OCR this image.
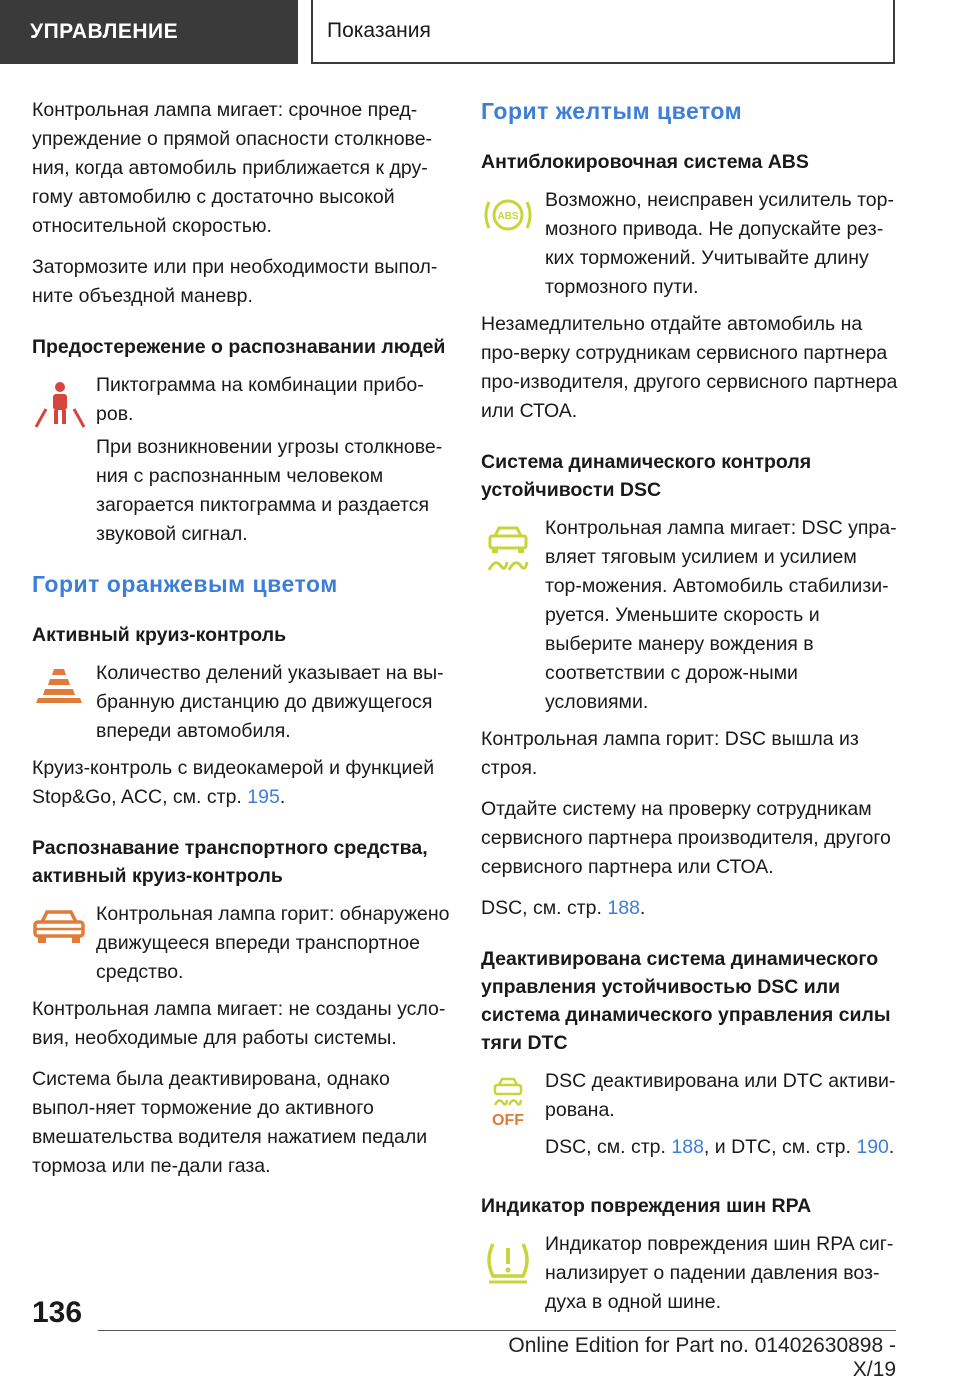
УПРАВЛЕНИЕ	Показания

Контрольная лампа мигает: срочное пред-упреждение о прямой опасности столкнове-ния, когда автомобиль приближается к дру-гому автомобилю с достаточно высокой относительной скоростью.

Затормозите или при необходимости выпол-ните объездной маневр.

Предостережение о распознавании людей

Пиктограмма на комбинации прибо-ров.

При возникновении угрозы столкнове-ния с распознанным человеком загорается пиктограмма и раздается звуковой сигнал.

Горит оранжевым цветом
Активный круиз-контроль

Количество делений указывает на вы-бранную дистанцию до движущегося впереди автомобиля.

Круиз-контроль с видеокамерой и функцией Stop&Go, ACC, см. стр. 195.

Распознавание транспортного средства, активный круиз-контроль

Контрольная лампа горит: обнаружено движущееся впереди транспортное средство.

Контрольная лампа мигает: не созданы усло-вия, необходимые для работы системы.

Система была деактивирована, однако выпол-няет торможение до активного вмешательства водителя нажатием педали тормоза или пе-дали газа.

Горит желтым цветом
Антиблокировочная система ABS
ABS

Возможно, неисправен усилитель тор-мозного привода. Не допускайте рез-ких торможений. Учитывайте длину тормозного пути.

Незамедлительно отдайте автомобиль на про-верку сотрудникам сервисного партнера про-изводителя, другого сервисного партнера или СТОА.

Система динамического контроля устойчивости DSC

Контрольная лампа мигает: DSC упра-вляет тяговым усилием и усилием тор-можения. Автомобиль стабилизи-руется. Уменьшите скорость и выберите манеру вождения в соответствии с дорож-ными условиями.

Контрольная лампа горит: DSC вышла из строя.

Отдайте систему на проверку сотрудникам сервисного партнера производителя, другого сервисного партнера или СТОА.

DSC, см. стр. 188.

Деактивирована система динамического управления устойчивостью DSC или система динамического управления силы тяги DTC
OFF

DSC деактивирована или DTC активи-рована.

DSC, см. стр. 188, и DTC, см. стр. 190.

Индикатор повреждения шин RPA

Индикатор повреждения шин RPA сиг-нализирует о падении давления воз-духа в одной шине.

136
Online Edition for Part no. 01402630898 - X/19
